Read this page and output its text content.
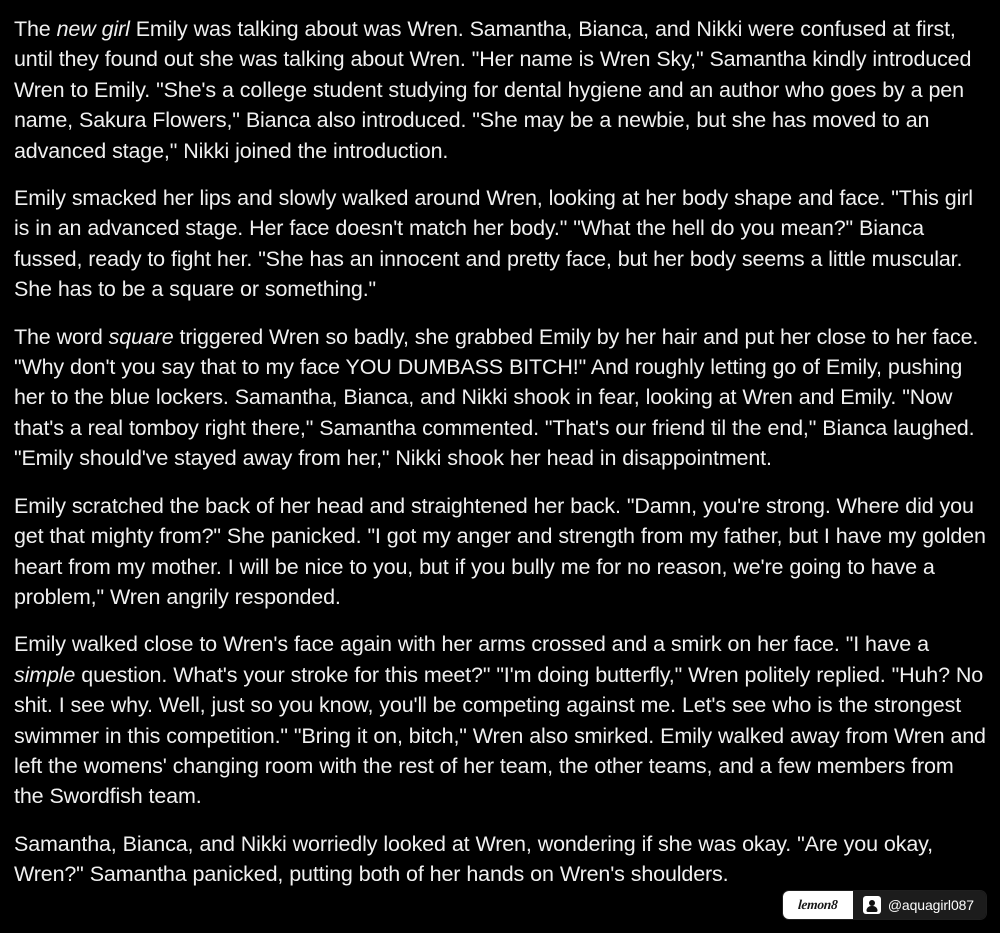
The new girl Emily was talking about was Wren. Samantha, Bianca, and Nikki were confused at first, until they found out she was talking about Wren. "Her name is Wren Sky," Samantha kindly introduced Wren to Emily. "She's a college student studying for dental hygiene and an author who goes by a pen name, Sakura Flowers," Bianca also introduced. "She may be a newbie, but she has moved to an advanced stage," Nikki joined the introduction.

Emily smacked her lips and slowly walked around Wren, looking at her body shape and face. "This girl is in an advanced stage. Her face doesn't match her body." "What the hell do you mean?" Bianca fussed, ready to fight her. "She has an innocent and pretty face, but her body seems a little muscular. She has to be a square or something."

The word square triggered Wren so badly, she grabbed Emily by her hair and put her close to her face. "Why don't you say that to my face YOU DUMBASS BITCH!" And roughly letting go of Emily, pushing her to the blue lockers. Samantha, Bianca, and Nikki shook in fear, looking at Wren and Emily. "Now that's a real tomboy right there," Samantha commented. "That's our friend til the end," Bianca laughed. "Emily should've stayed away from her," Nikki shook her head in disappointment.

Emily scratched the back of her head and straightened her back. "Damn, you're strong. Where did you get that mighty from?" She panicked. "I got my anger and strength from my father, but I have my golden heart from my mother. I will be nice to you, but if you bully me for no reason, we're going to have a problem," Wren angrily responded.

Emily walked close to Wren's face again with her arms crossed and a smirk on her face. "I have a simple question. What's your stroke for this meet?" "I'm doing butterfly," Wren politely replied. "Huh? No shit. I see why. Well, just so you know, you'll be competing against me. Let's see who is the strongest swimmer in this competition." "Bring it on, bitch," Wren also smirked. Emily walked away from Wren and left the womens' changing room with the rest of her team, the other teams, and a few members from the Swordfish team.

Samantha, Bianca, and Nikki worriedly looked at Wren, wondering if she was okay. "Are you okay, Wren?" Samantha panicked, putting both of her hands on Wren's shoulders.

lemon8	@aquagirl087
